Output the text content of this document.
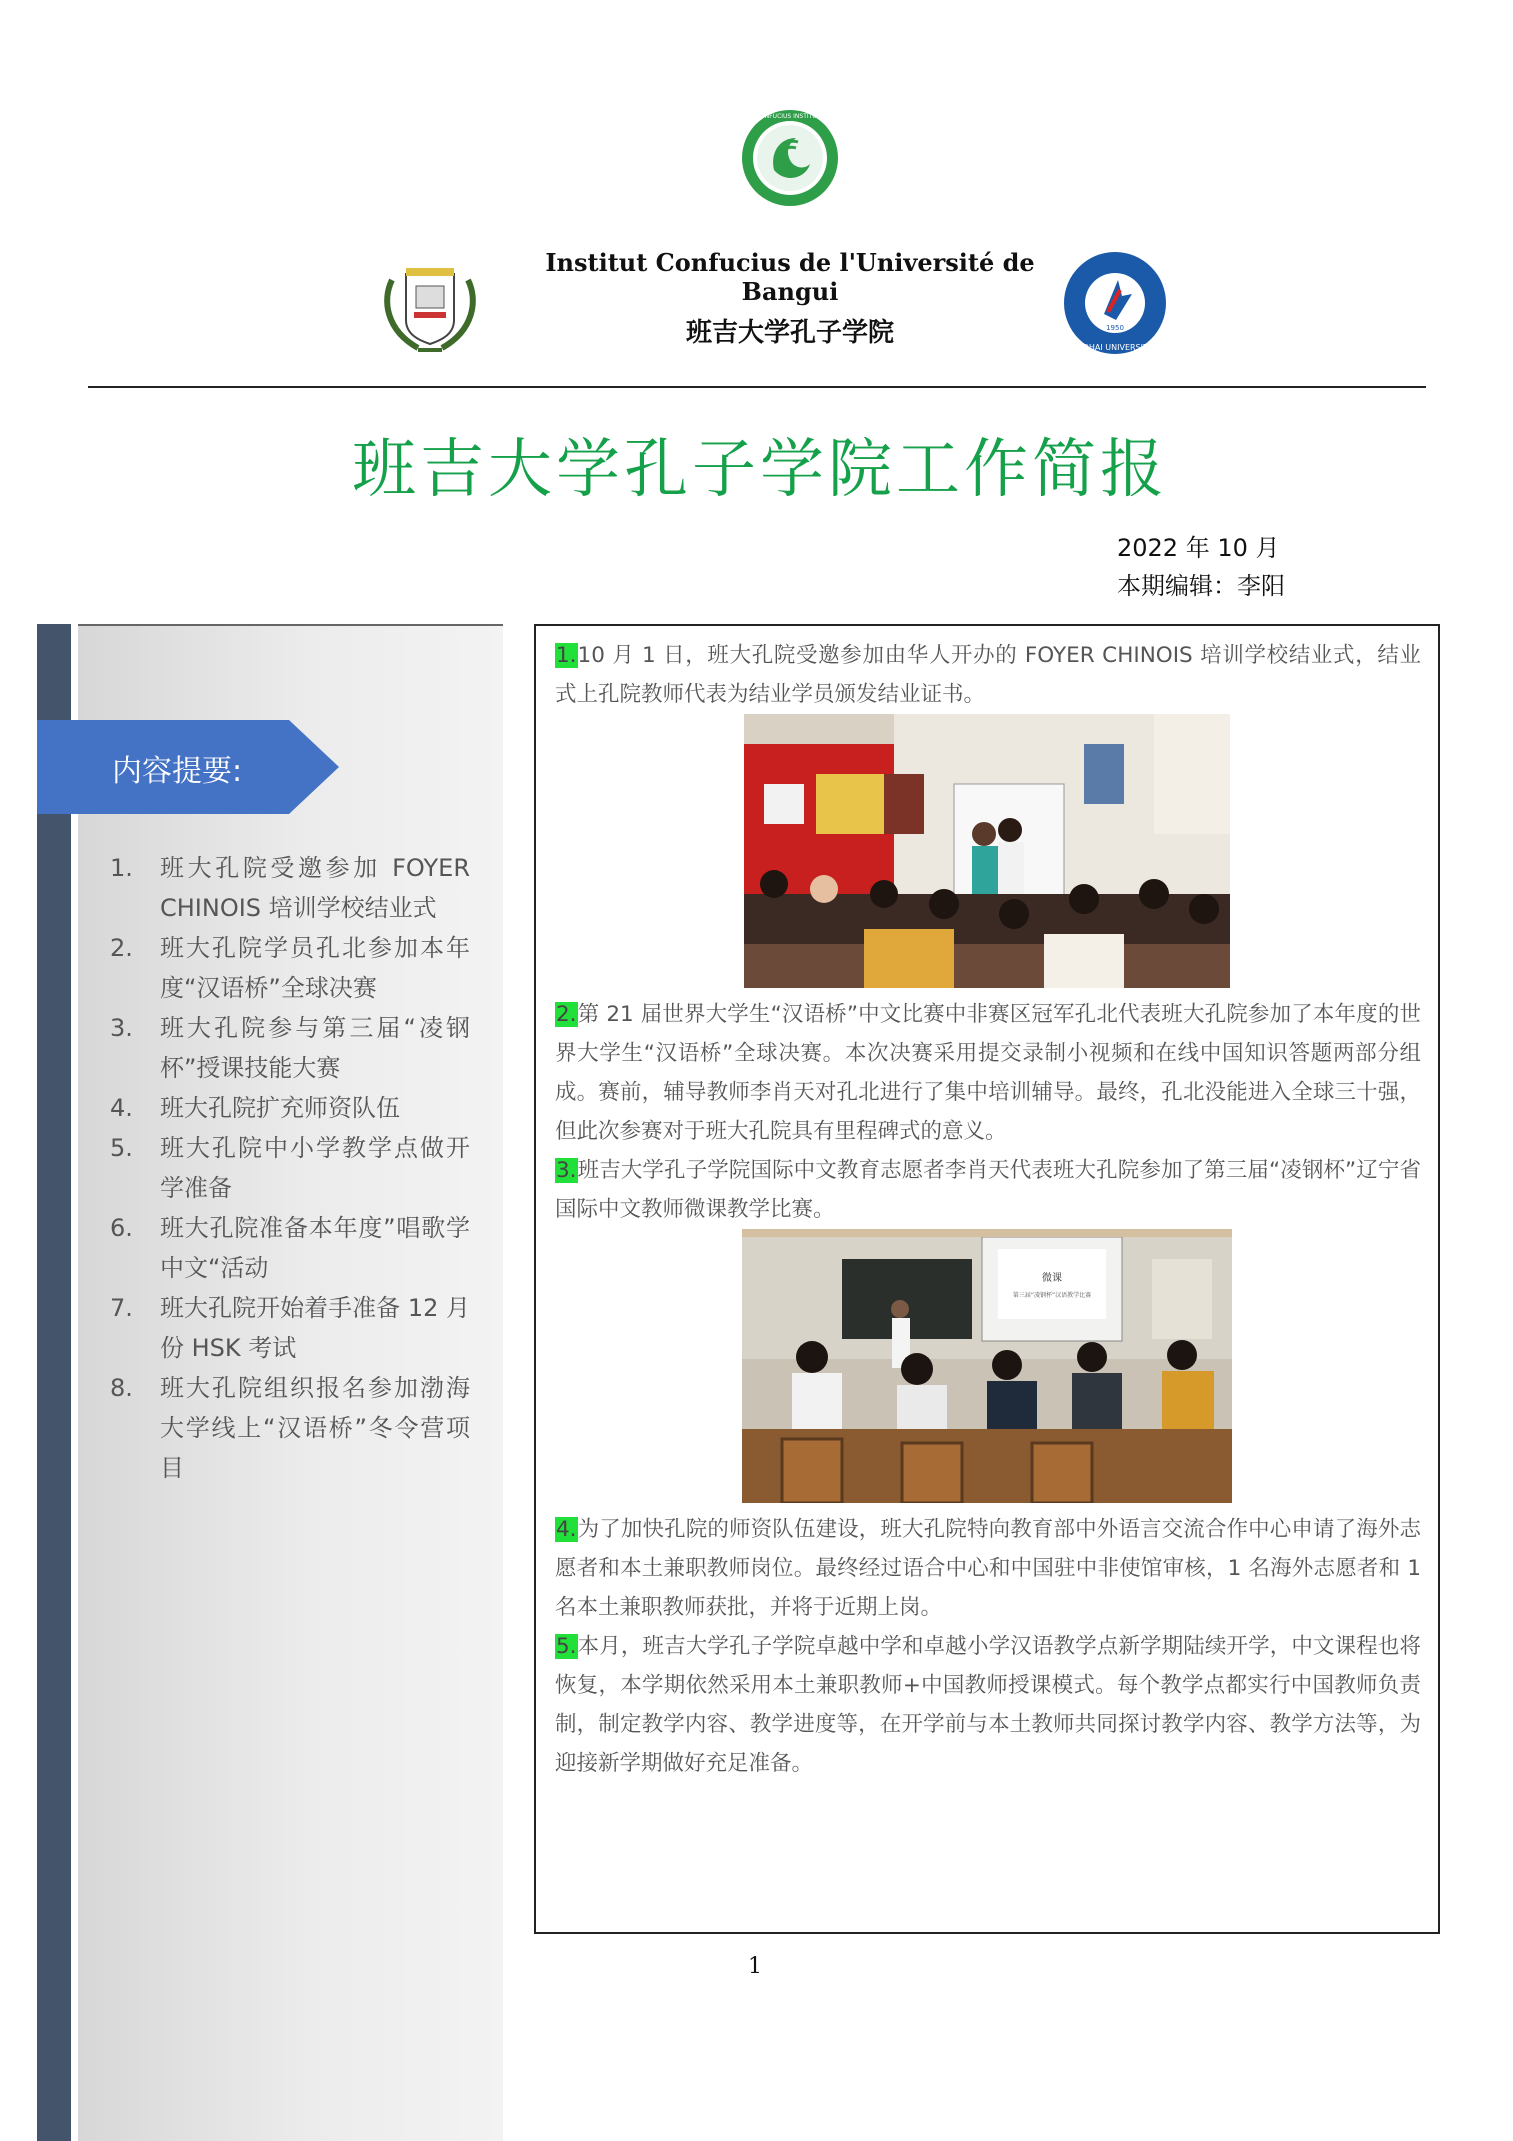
CONFUCIUS INSTITUTE
Institut Confucius de l'Université de Bangui
班吉大学孔子学院	1950
BOHAI UNIVERSITY
班吉大学孔子学院工作简报
2022 年 10 月
本期编辑：李阳
内容提要:
1.	班大孔院受邀参加 FOYER CHINOIS 培训学校结业式
2.	班大孔院学员孔北参加本年度“汉语桥”全球决赛
3.	班大孔院参与第三届“凌钢杯”授课技能大赛
4.	班大孔院扩充师资队伍
5.	班大孔院中小学教学点做开学准备
6.	班大孔院准备本年度”唱歌学中文“活动
7.	班大孔院开始着手准备 12 月份 HSK 考试
8.	班大孔院组织报名参加渤海大学线上“汉语桥”冬令营项目
1.10 月 1 日，班大孔院受邀参加由华人开办的 FOYER CHINOIS 培训学校结业式，结业式上孔院教师代表为结业学员颁发结业证书。
2.第 21 届世界大学生“汉语桥”中文比赛中非赛区冠军孔北代表班大孔院参加了本年度的世界大学生“汉语桥”全球决赛。本次决赛采用提交录制小视频和在线中国知识答题两部分组成。赛前，辅导教师李肖天对孔北进行了集中培训辅导。最终，孔北没能进入全球三十强，但此次参赛对于班大孔院具有里程碑式的意义。
3.班吉大学孔子学院国际中文教育志愿者李肖天代表班大孔院参加了第三届“凌钢杯”辽宁省国际中文教师微课教学比赛。
微课
第三届“凌钢杯”汉语教学比赛
4.为了加快孔院的师资队伍建设，班大孔院特向教育部中外语言交流合作中心申请了海外志愿者和本土兼职教师岗位。最终经过语合中心和中国驻中非使馆审核，1 名海外志愿者和 1 名本土兼职教师获批，并将于近期上岗。
5.本月，班吉大学孔子学院卓越中学和卓越小学汉语教学点新学期陆续开学，中文课程也将恢复，本学期依然采用本土兼职教师+中国教师授课模式。每个教学点都实行中国教师负责制，制定教学内容、教学进度等，在开学前与本土教师共同探讨教学内容、教学方法等，为迎接新学期做好充足准备。
1
